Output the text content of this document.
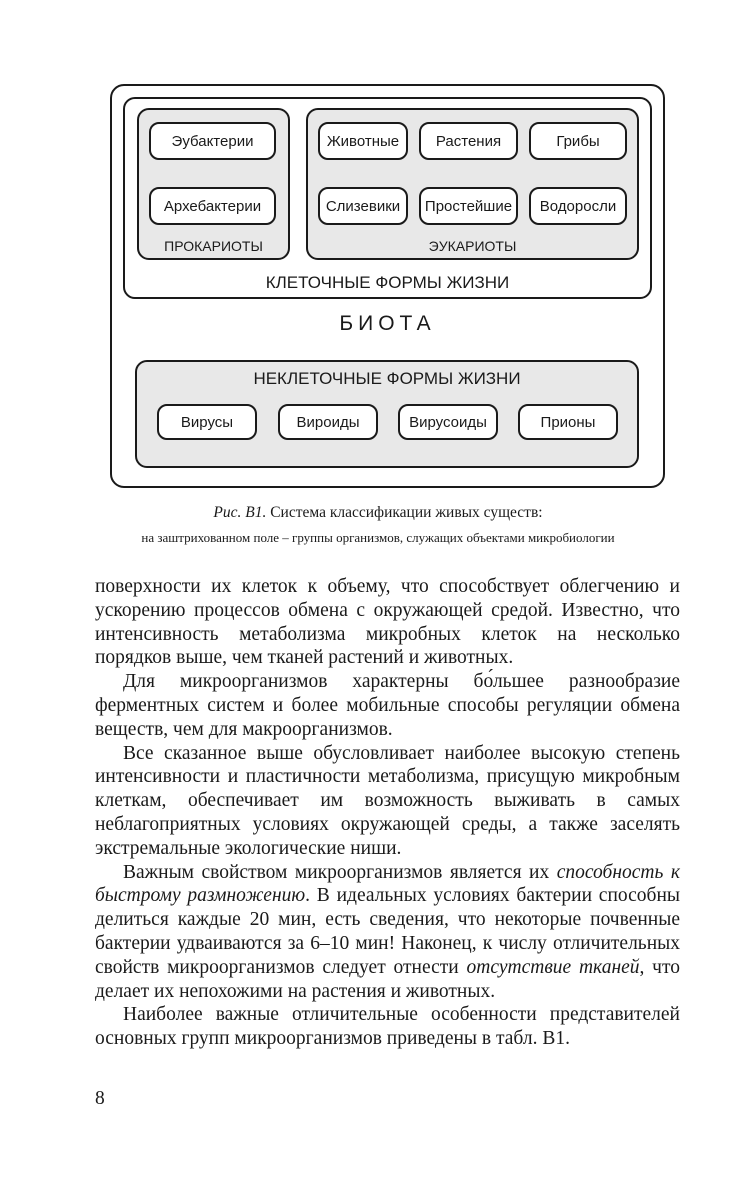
Эубактерии
Архебактерии
ПРОКАРИОТЫ
Животные	Растения	Грибы
Слизевики	Простейшие	Водоросли
ЭУКАРИОТЫ
КЛЕТОЧНЫЕ ФОРМЫ ЖИЗНИ
БИОТА
НЕКЛЕТОЧНЫЕ ФОРМЫ ЖИЗНИ
Вирусы	Вироиды	Вирусоиды	Прионы
Рис. В1. Система классификации живых существ:
на заштрихованном поле – группы организмов, служащих объектами микробиологии

поверхности их клеток к объему, что способствует облегчению и ускорению процессов обмена с окружающей средой. Известно, что интенсивность метаболизма микробных клеток на несколько порядков выше, чем тканей растений и животных.

Для микроорганизмов характерны бо́льшее разнообразие ферментных систем и более мобильные способы регуляции обмена веществ, чем для макроорганизмов.

Все сказанное выше обусловливает наиболее высокую степень интенсивности и пластичности метаболизма, присущую микробным клеткам, обеспечивает им возможность выживать в самых неблагоприятных условиях окружающей среды, а также заселять экстремальные экологические ниши.

Важным свойством микроорганизмов является их способность к быстрому размножению. В идеальных условиях бактерии способны делиться каждые 20 мин, есть сведения, что некоторые почвенные бактерии удваиваются за 6–10 мин! Наконец, к числу отличительных свойств микроорганизмов следует отнести отсутствие тканей, что делает их непохожими на растения и животных.

Наиболее важные отличительные особенности представителей основных групп микроорганизмов приведены в табл. В1.

8
